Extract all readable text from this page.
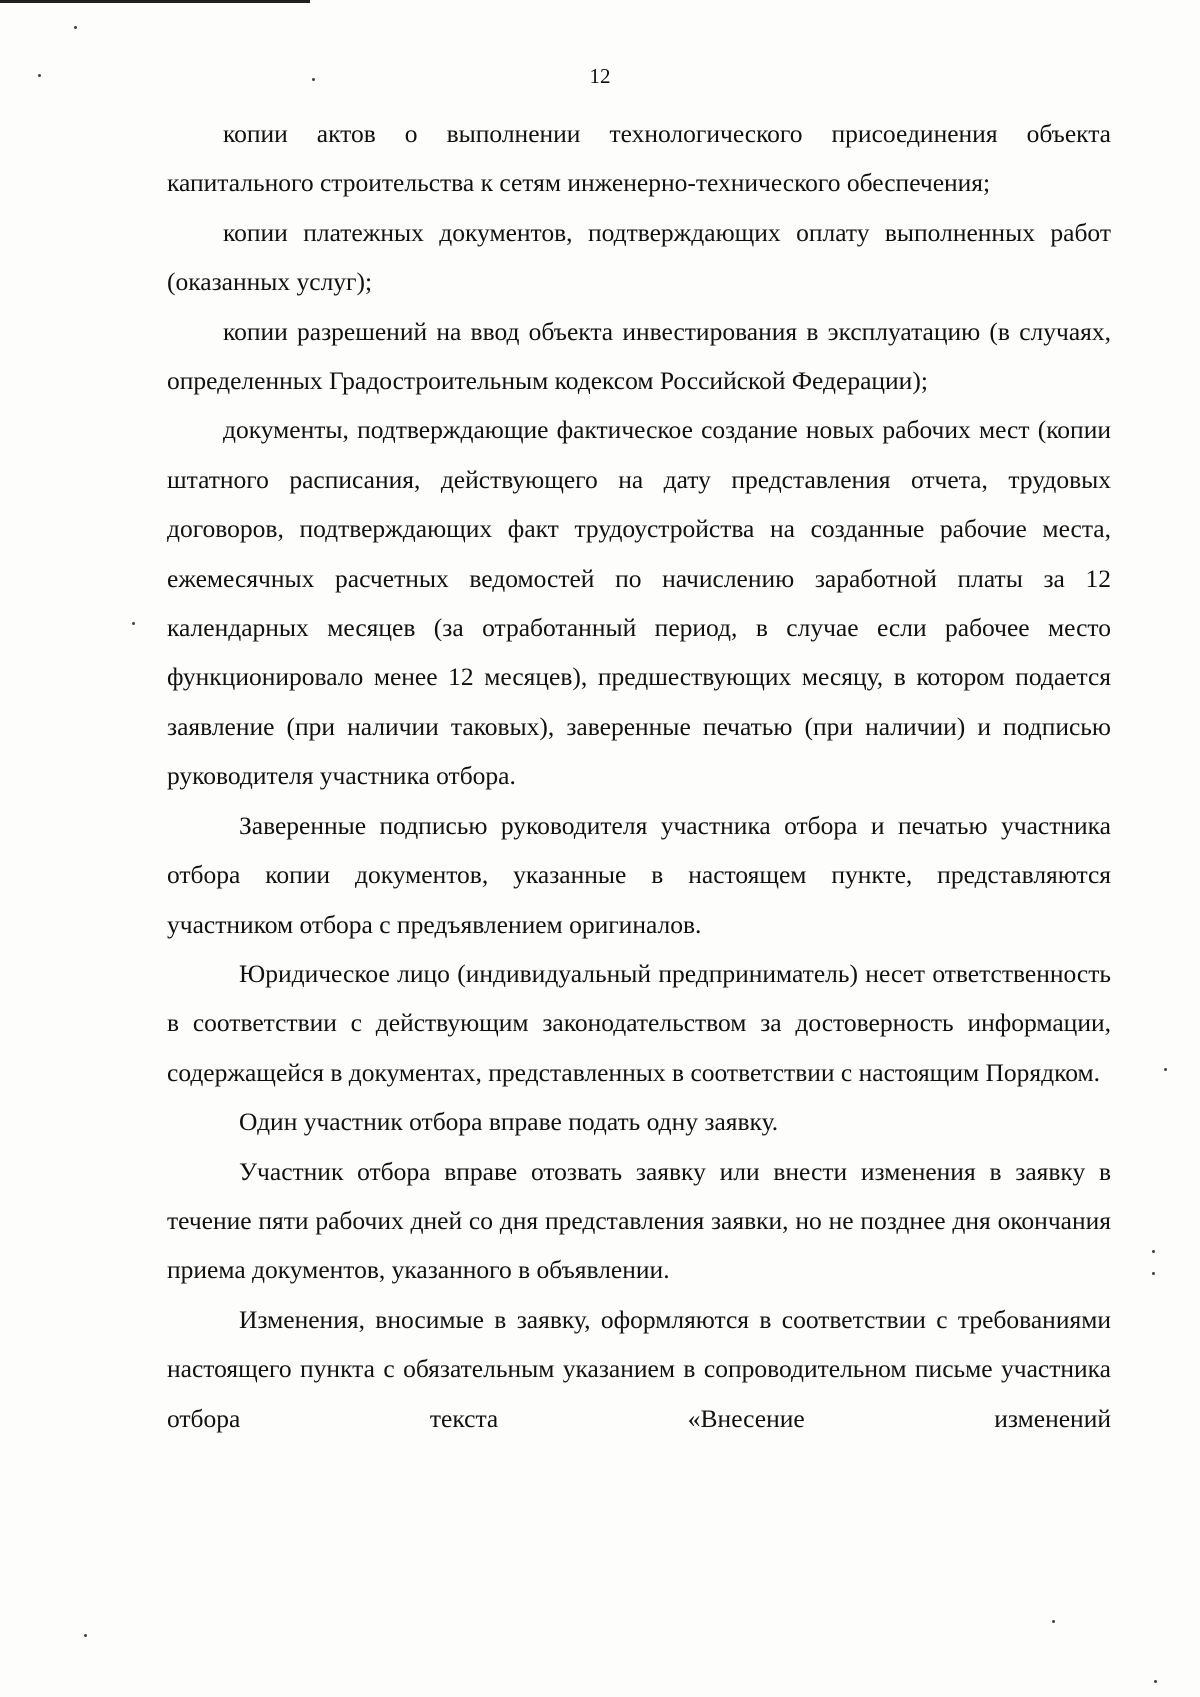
12

копии актов о выполнении технологического присоединения объекта капитального строительства к сетям инженерно-технического обеспечения;

копии платежных документов, подтверждающих оплату выполненных работ (оказанных услуг);

копии разрешений на ввод объекта инвестирования в эксплуатацию (в случаях, определенных Градостроительным кодексом Российской Федерации);

документы, подтверждающие фактическое создание новых рабочих мест (копии штатного расписания, действующего на дату представления отчета, трудовых договоров, подтверждающих факт трудоустройства на созданные рабочие места, ежемесячных расчетных ведомостей по начислению заработной платы за 12 календарных месяцев (за отработанный период, в случае если рабочее место функционировало менее 12 месяцев), предшествующих месяцу, в котором подается заявление (при наличии таковых), заверенные печатью (при наличии) и подписью руководителя участника отбора.

Заверенные подписью руководителя участника отбора и печатью участника отбора копии документов, указанные в настоящем пункте, представляются участником отбора с предъявлением оригиналов.

Юридическое лицо (индивидуальный предприниматель) несет ответственность в соответствии с действующим законодательством за достоверность информации, содержащейся в документах, представленных в соответствии с настоящим Порядком.

Один участник отбора вправе подать одну заявку.

Участник отбора вправе отозвать заявку или внести изменения в заявку в течение пяти рабочих дней со дня представления заявки, но не позднее дня окончания приема документов, указанного в объявлении.

Изменения, вносимые в заявку, оформляются в соответствии с требованиями настоящего пункта с обязательным указанием в сопроводительном письме участника отбора текста «Внесение изменений
